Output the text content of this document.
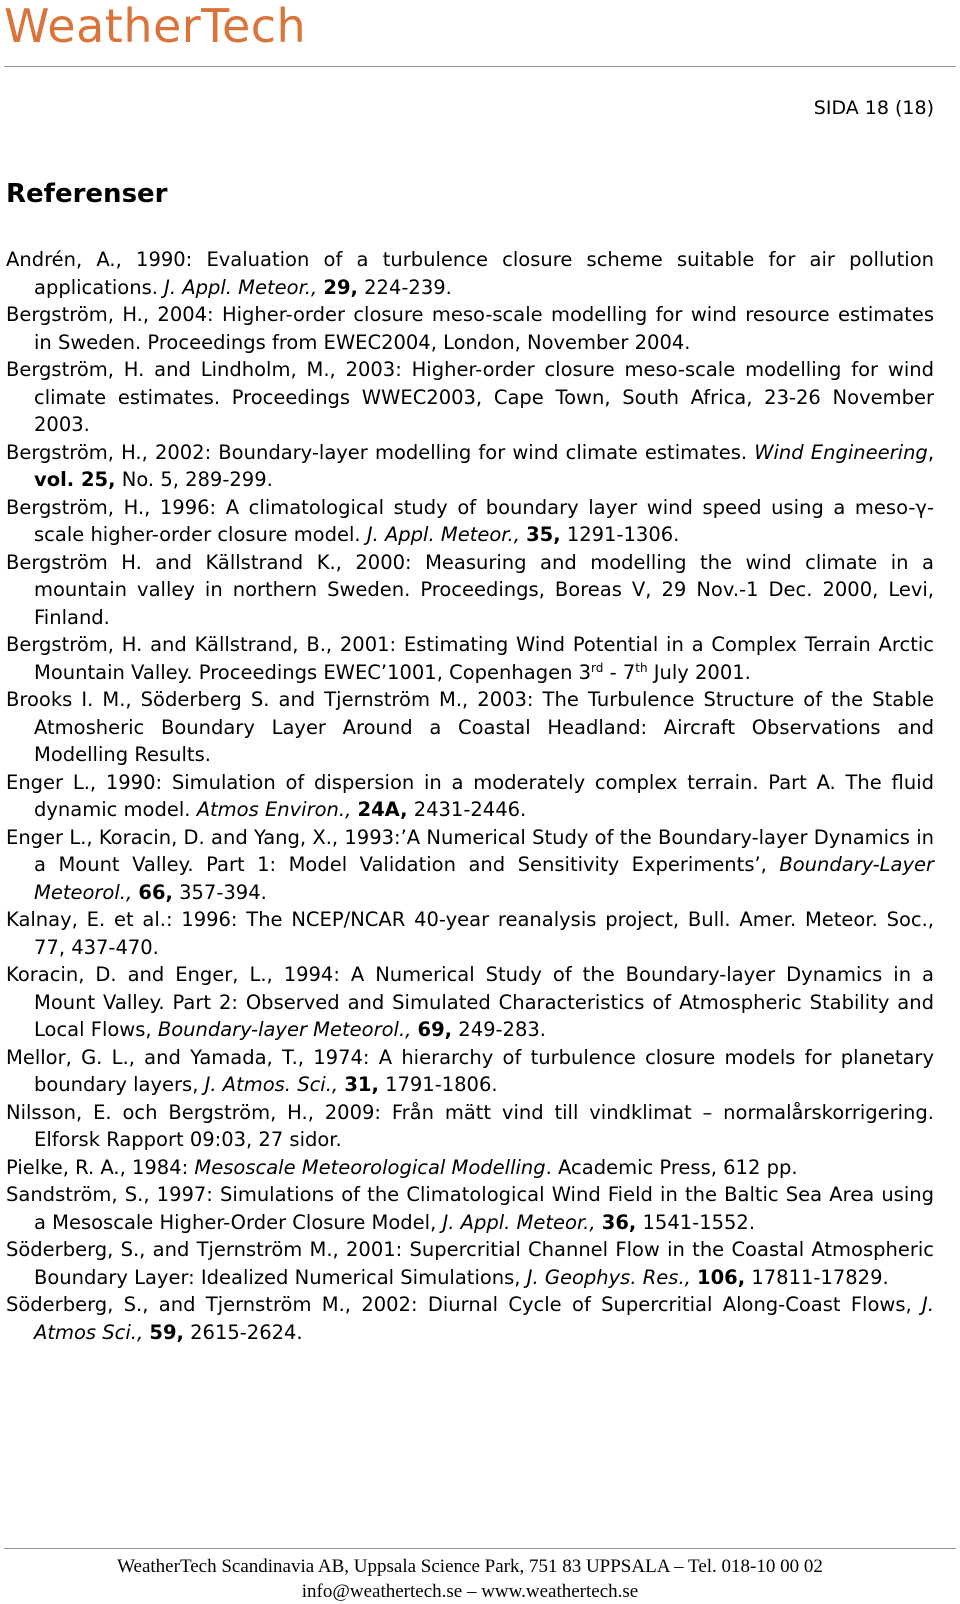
WeatherTech
SIDA 18 (18)
Referenser
Andrén, A., 1990: Evaluation of a turbulence closure scheme suitable for air pollution applications. J. Appl. Meteor., 29, 224-239.
Bergström, H., 2004: Higher-order closure meso-scale modelling for wind resource estimates in Sweden. Proceedings from EWEC2004, London, November 2004.
Bergström, H. and Lindholm, M., 2003: Higher-order closure meso-scale modelling for wind climate estimates. Proceedings WWEC2003, Cape Town, South Africa, 23-26 November 2003.
Bergström, H., 2002: Boundary-layer modelling for wind climate estimates. Wind Engineering, vol. 25, No. 5, 289-299.
Bergström, H., 1996: A climatological study of boundary layer wind speed using a meso-γ-scale higher-order closure model. J. Appl. Meteor., 35, 1291-1306.
Bergström H. and Källstrand K., 2000: Measuring and modelling the wind climate in a mountain valley in northern Sweden. Proceedings, Boreas V, 29 Nov.-1 Dec. 2000, Levi, Finland.
Bergström, H. and Källstrand, B., 2001: Estimating Wind Potential in a Complex Terrain Arctic Mountain Valley. Proceedings EWEC’1001, Copenhagen 3rd - 7th July 2001.
Brooks I. M., Söderberg S. and Tjernström M., 2003: The Turbulence Structure of the Stable Atmosheric Boundary Layer Around a Coastal Headland: Aircraft Observations and Modelling Results.
Enger L., 1990: Simulation of dispersion in a moderately complex terrain. Part A. The fluid dynamic model. Atmos Environ., 24A, 2431-2446.
Enger L., Koracin, D. and Yang, X., 1993:’A Numerical Study of the Boundary-layer Dynamics in a Mount Valley. Part 1: Model Validation and Sensitivity Experiments’, Boundary-Layer Meteorol., 66, 357-394.
Kalnay, E. et al.: 1996: The NCEP/NCAR 40-year reanalysis project, Bull. Amer. Meteor. Soc., 77, 437-470.
Koracin, D. and Enger, L., 1994: A Numerical Study of the Boundary-layer Dynamics in a Mount Valley. Part 2: Observed and Simulated Characteristics of Atmospheric Stability and Local Flows, Boundary-layer Meteorol., 69, 249-283.
Mellor, G. L., and Yamada, T., 1974: A hierarchy of turbulence closure models for planetary boundary layers, J. Atmos. Sci., 31, 1791-1806.
Nilsson, E. och Bergström, H., 2009: Från mätt vind till vindklimat – normalårskorrigering. Elforsk Rapport 09:03, 27 sidor.
Pielke, R. A., 1984: Mesoscale Meteorological Modelling. Academic Press, 612 pp.
Sandström, S., 1997: Simulations of the Climatological Wind Field in the Baltic Sea Area using a Mesoscale Higher-Order Closure Model, J. Appl. Meteor., 36, 1541-1552.
Söderberg, S., and Tjernström M., 2001: Supercritial Channel Flow in the Coastal Atmospheric Boundary Layer: Idealized Numerical Simulations, J. Geophys. Res., 106, 17811-17829.
Söderberg, S., and Tjernström M., 2002: Diurnal Cycle of Supercritial Along-Coast Flows, J. Atmos Sci., 59, 2615-2624.
WeatherTech Scandinavia AB, Uppsala Science Park, 751 83 UPPSALA – Tel. 018-10 00 02
info@weathertech.se – www.weathertech.se
